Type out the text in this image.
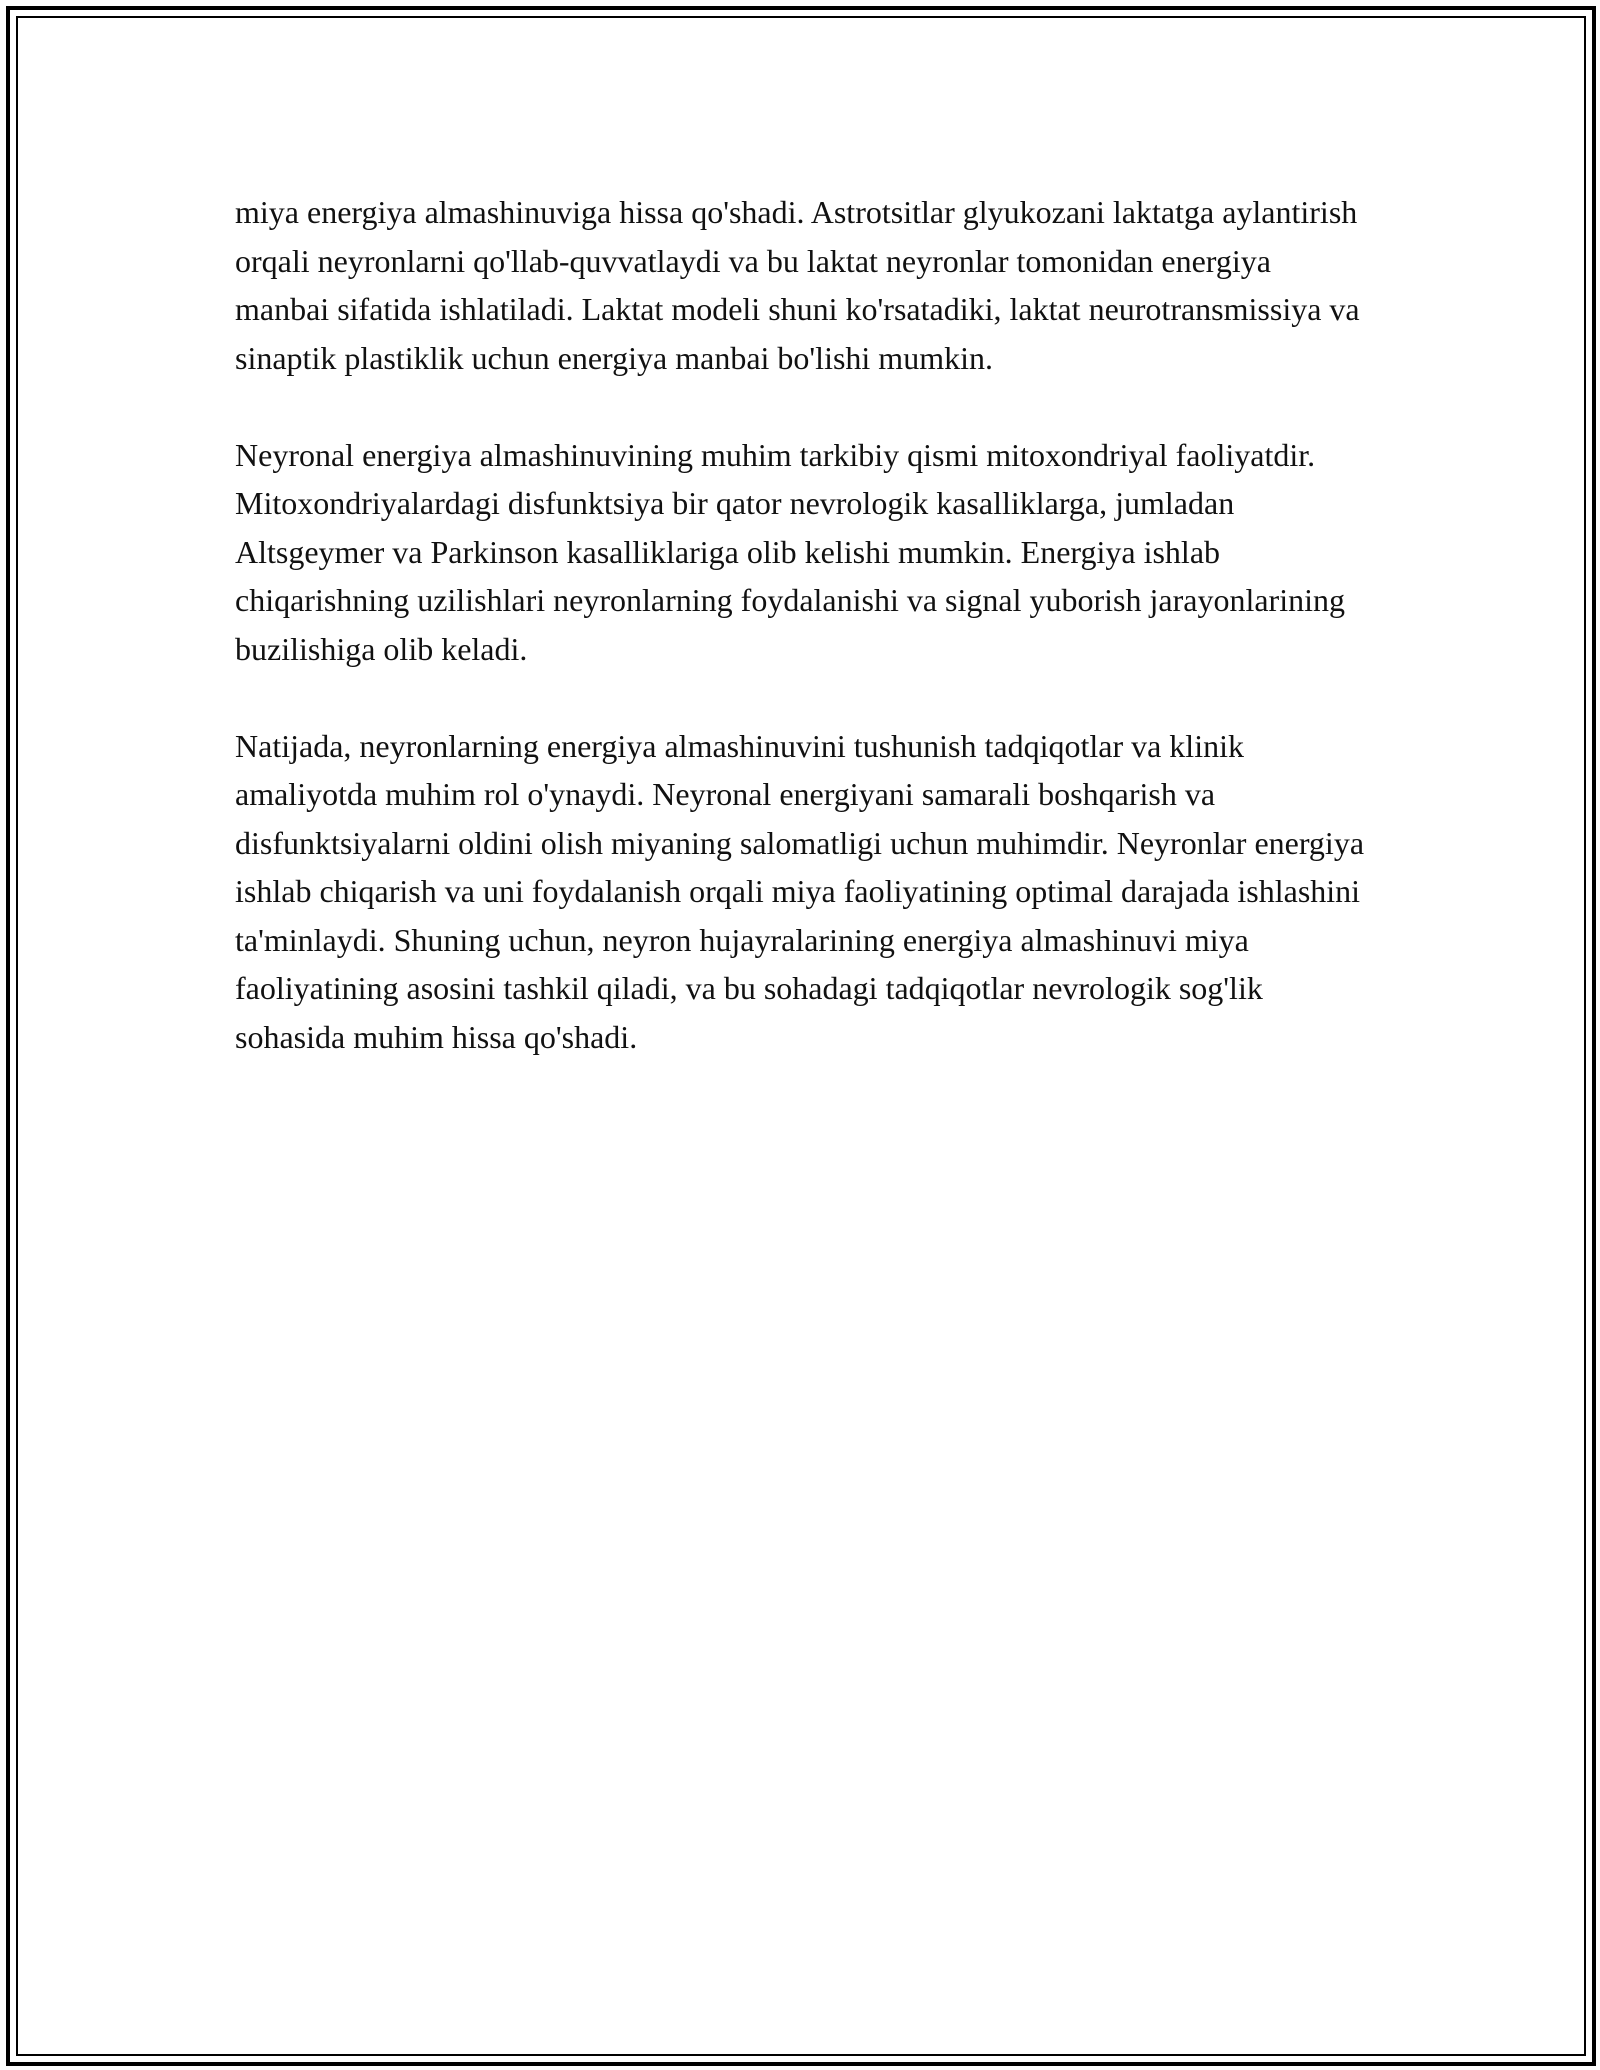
miya energiya almashinuviga hissa qo'shadi. Astrotsitlar glyukozani laktatga aylantirish orqali neyronlarni qo'llab-quvvatlaydi va bu laktat neyronlar tomonidan energiya manbai sifatida ishlatiladi. Laktat modeli shuni ko'rsatadiki, laktat neurotransmissiya va sinaptik plastiklik uchun energiya manbai bo'lishi mumkin.

Neyronal energiya almashinuvining muhim tarkibiy qismi mitoxondriyal faoliyatdir. Mitoxondriyalardagi disfunktsiya bir qator nevrologik kasalliklarga, jumladan Altsgeymer va Parkinson kasalliklariga olib kelishi mumkin. Energiya ishlab chiqarishning uzilishlari neyronlarning foydalanishi va signal yuborish jarayonlarining buzilishiga olib keladi.

Natijada, neyronlarning energiya almashinuvini tushunish tadqiqotlar va klinik amaliyotda muhim rol o'ynaydi. Neyronal energiyani samarali boshqarish va disfunktsiyalarni oldini olish miyaning salomatligi uchun muhimdir. Neyronlar energiya ishlab chiqarish va uni foydalanish orqali miya faoliyatining optimal darajada ishlashini ta'minlaydi. Shuning uchun, neyron hujayralarining energiya almashinuvi miya faoliyatining asosini tashkil qiladi, va bu sohadagi tadqiqotlar nevrologik sog'lik sohasida muhim hissa qo'shadi.
